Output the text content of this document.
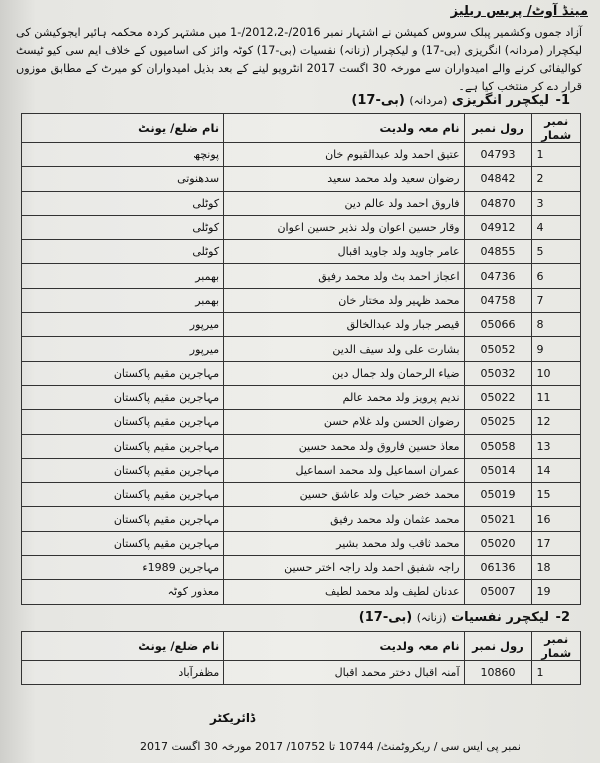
مینڈ آوٹ/ پریس ریلیز
آزاد جموں وکشمیر پبلک سروس کمیشن نے اشتہار نمبر 2016/-2012،2/-1 میں مشتہر کردہ محکمہ ہائیر ایجوکیشن کی لیکچرار (مردانہ) انگریزی (بی-17) و لیکچرار (زنانہ) نفسیات (بی-17) کوٹہ وائز کی اسامیوں کے خلاف ایم سی کیو ٹیسٹ کوالیفائی کرنے والے امیدواران سے مورخہ 30 اگست 2017 انٹرویو لینے کے بعد بذیل امیدواران کو میرٹ کے مطابق موزوں قرار دے کر منتخب کیا ہے۔
1- لیکچرر انگریزی (مردانہ) (بی-17)
نمبر شمار	رول نمبر	نام معہ ولدیت	نام ضلع/ یونٹ
1	04793	عتیق احمد ولد عبدالقیوم خان	پونچھ
2	04842	رضوان سعید ولد محمد سعید	سدھنوتی
3	04870	فاروق احمد ولد عالم دین	کوٹلی
4	04912	وقار حسین اعوان ولد نذیر حسین اعوان	کوٹلی
5	04855	عامر جاوید ولد جاوید اقبال	کوٹلی
6	04736	اعجاز احمد بٹ ولد محمد رفیق	بھمبر
7	04758	محمد ظہیر ولد مختار خان	بھمبر
8	05066	قیصر جبار ولد عبدالخالق	میرپور
9	05052	بشارت علی ولد سیف الدین	میرپور
10	05032	ضیاء الرحمان ولد جمال دین	مہاجرین مقیم پاکستان
11	05022	ندیم پرویز ولد محمد عالم	مہاجرین مقیم پاکستان
12	05025	رضوان الحسن ولد غلام حسن	مہاجرین مقیم پاکستان
13	05058	معاذ حسین فاروق ولد محمد حسین	مہاجرین مقیم پاکستان
14	05014	عمران اسماعیل ولد محمد اسماعیل	مہاجرین مقیم پاکستان
15	05019	محمد خضر حیات ولد عاشق حسین	مہاجرین مقیم پاکستان
16	05021	محمد عثمان ولد محمد رفیق	مہاجرین مقیم پاکستان
17	05020	محمد ثاقب ولد محمد بشیر	مہاجرین مقیم پاکستان
18	06136	راجہ شفیق احمد ولد راجہ اختر حسین	مہاجرین 1989ء
19	05007	عدنان لطیف ولد محمد لطیف	معذور کوٹہ
2- لیکچرر نفسیات (زنانہ) (بی-17)
نمبر شمار	رول نمبر	نام معہ ولدیت	نام ضلع/ یونٹ
1	10860	آمنہ اقبال دختر محمد اقبال	مظفرآباد
ڈائریکٹر
نمبر پی ایس سی / ریکروٹمنٹ/ 10744 تا 10752/ 2017 مورخہ 30 اگست 2017
